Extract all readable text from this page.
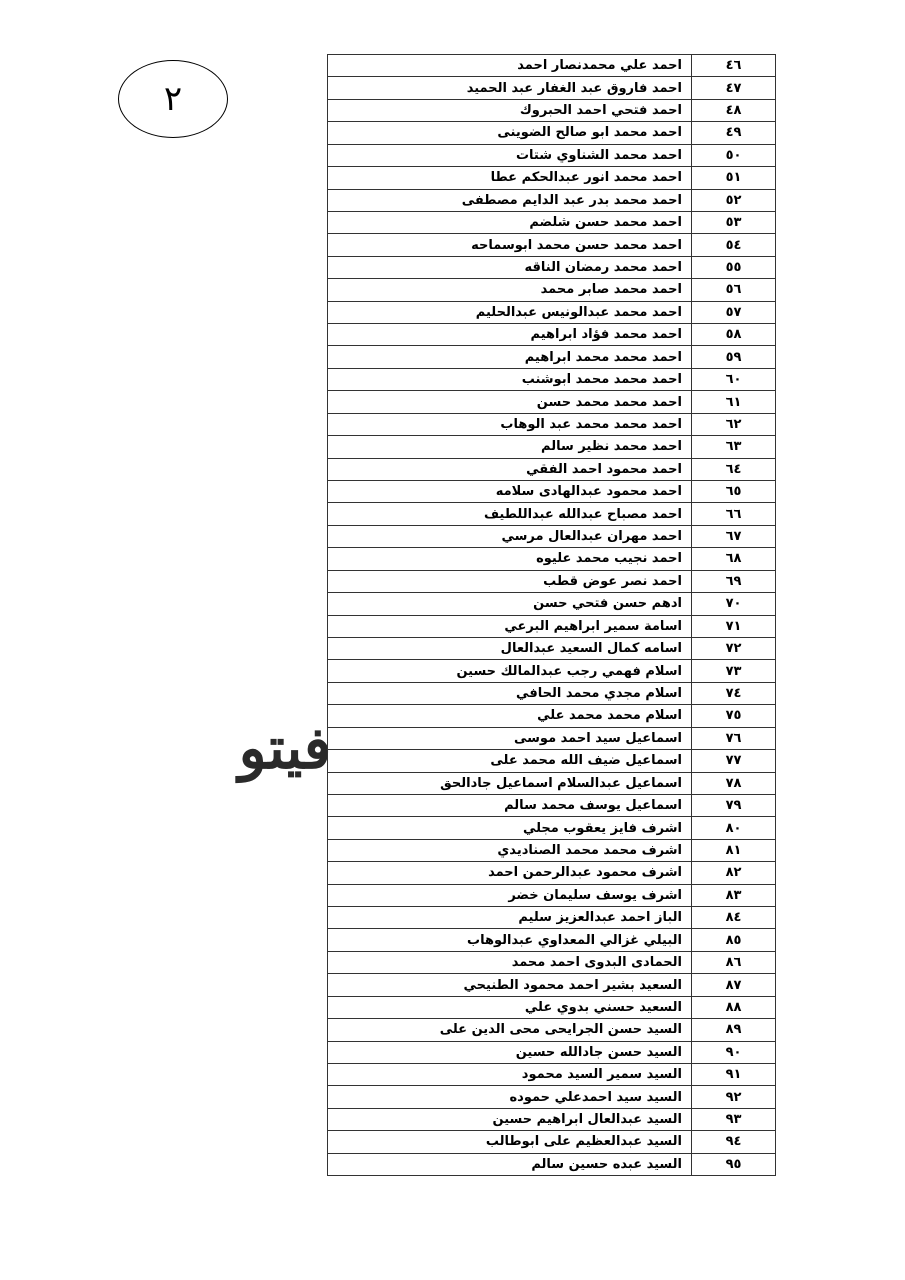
٢
فيتو
٤٦	احمد علي محمدنصار احمد
٤٧	احمد فاروق عبد الغفار عبد الحميد
٤٨	احمد فتحي احمد الحبروك
٤٩	احمد محمد ابو صالح الضوينى
٥٠	احمد محمد الشناوي شتات
٥١	احمد محمد انور عبدالحكم عطا
٥٢	احمد محمد بدر عبد الدايم مصطفى
٥٣	احمد محمد حسن شلضم
٥٤	احمد محمد حسن محمد ابوسماحه
٥٥	احمد محمد رمضان الناقه
٥٦	احمد محمد صابر محمد
٥٧	احمد محمد عبدالونيس عبدالحليم
٥٨	احمد محمد فؤاد ابراهيم
٥٩	احمد محمد محمد ابراهيم
٦٠	احمد محمد محمد ابوشنب
٦١	احمد محمد محمد حسن
٦٢	احمد محمد محمد عبد الوهاب
٦٣	احمد محمد نظير سالم
٦٤	احمد محمود احمد الفقي
٦٥	احمد محمود عبدالهادى سلامه
٦٦	احمد مصباح عبدالله عبداللطيف
٦٧	احمد مهران عبدالعال مرسي
٦٨	احمد نجيب محمد عليوه
٦٩	احمد نصر عوض قطب
٧٠	ادهم حسن فتحي حسن
٧١	اسامة سمير ابراهيم البرعي
٧٢	اسامه كمال السعيد عبدالعال
٧٣	اسلام فهمي رجب عبدالمالك حسين
٧٤	اسلام مجدي محمد الحافي
٧٥	اسلام محمد محمد علي
٧٦	اسماعيل سيد احمد موسى
٧٧	اسماعيل ضيف الله محمد على
٧٨	اسماعيل عبدالسلام اسماعيل جادالحق
٧٩	اسماعيل يوسف محمد سالم
٨٠	اشرف فايز يعقوب مجلي
٨١	اشرف محمد محمد الصناديدي
٨٢	اشرف محمود عبدالرحمن احمد
٨٣	اشرف يوسف سليمان خضر
٨٤	الباز احمد عبدالعزيز سليم
٨٥	البيلي غزالي المعداوي عبدالوهاب
٨٦	الحمادى البدوى احمد محمد
٨٧	السعيد بشير احمد محمود الطنيحي
٨٨	السعيد حسني بدوي علي
٨٩	السيد حسن الجرايحى محى الدين على
٩٠	السيد حسن جادالله حسين
٩١	السيد سمير السيد محمود
٩٢	السيد سيد احمدعلي حموده
٩٣	السيد عبدالعال ابراهيم حسين
٩٤	السيد عبدالعظيم على ابوطالب
٩٥	السيد عبده حسين سالم
